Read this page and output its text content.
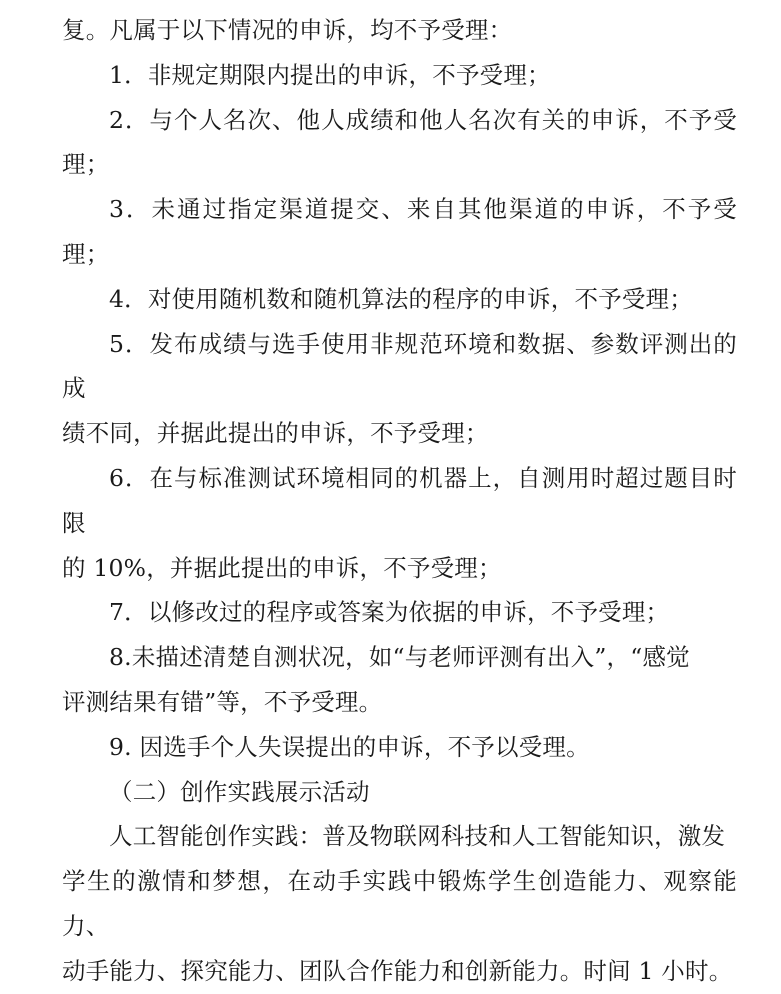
复。凡属于以下情况的申诉，均不予受理：

1．非规定期限内提出的申诉，不予受理；

2．与个人名次、他人成绩和他人名次有关的申诉，不予受理；

3．未通过指定渠道提交、来自其他渠道的申诉，不予受理；

4．对使用随机数和随机算法的程序的申诉，不予受理；

5．发布成绩与选手使用非规范环境和数据、参数评测出的成

绩不同，并据此提出的申诉，不予受理；

6．在与标准测试环境相同的机器上，自测用时超过题目时限

的 10%，并据此提出的申诉，不予受理；

7．以修改过的程序或答案为依据的申诉，不予受理；

8.未描述清楚自测状况，如“与老师评测有出入”，“感觉

评测结果有错”等，不予受理。

9. 因选手个人失误提出的申诉，不予以受理。

（二）创作实践展示活动

人工智能创作实践：普及物联网科技和人工智能知识，激发

学生的激情和梦想，在动手实践中锻炼学生创造能力、观察能力、

动手能力、探究能力、团队合作能力和创新能力。时间 1 小时。
